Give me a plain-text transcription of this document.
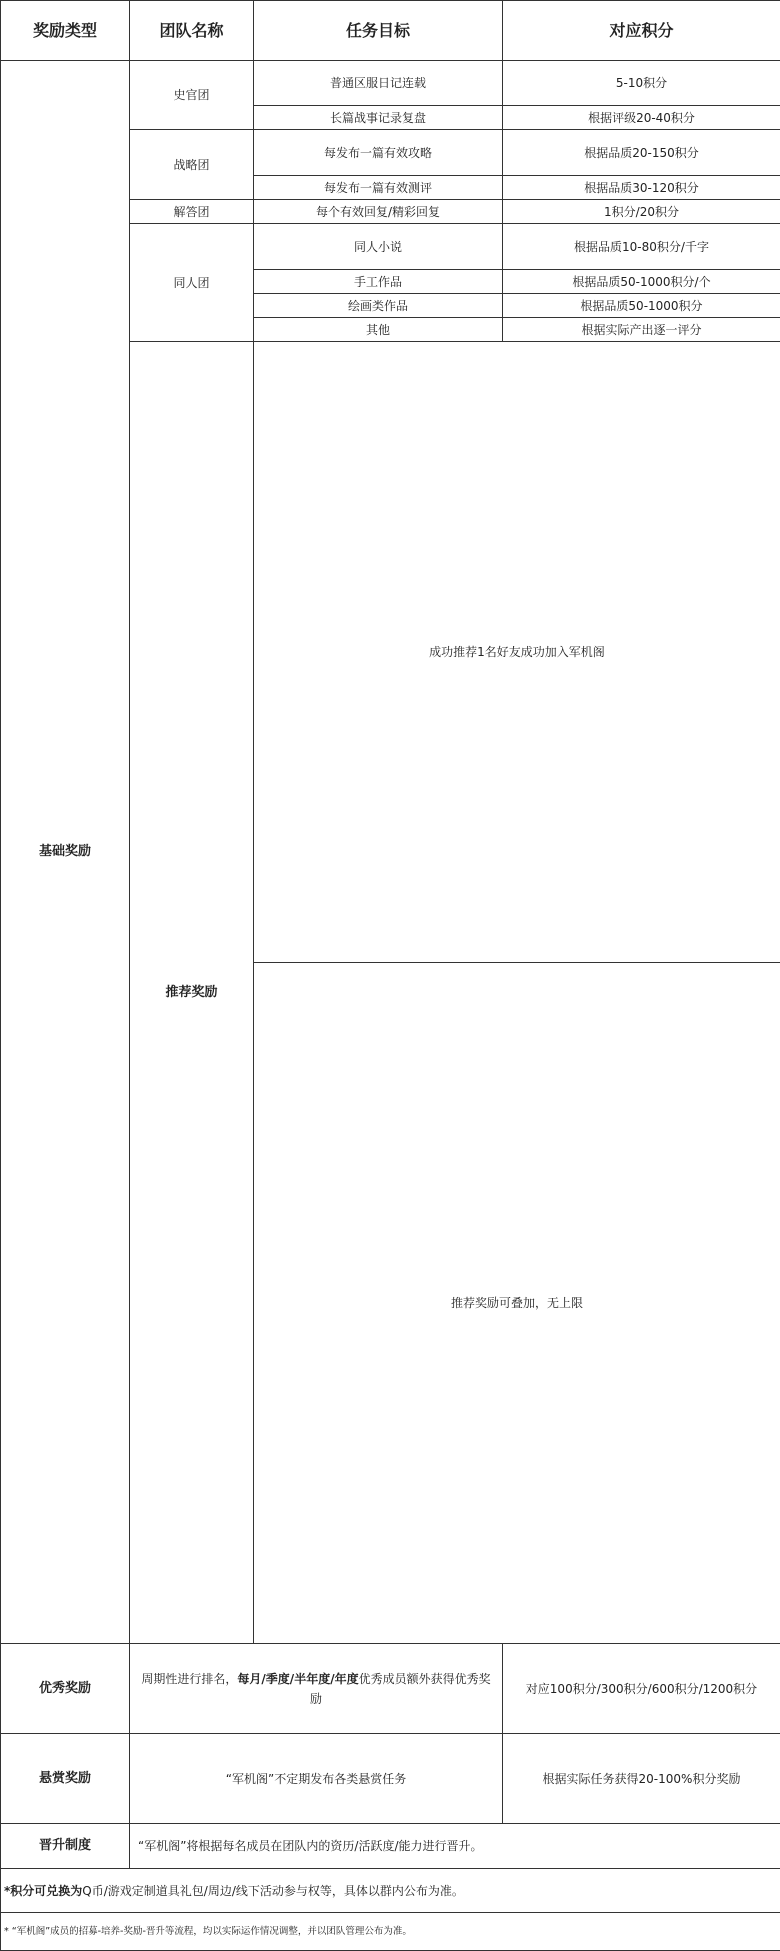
奖励类型	团队名称	任务目标	对应积分	
基础奖励	史官团	普通区服日记连载	5-10积分	
		长篇战事记录复盘	根据评级20-40积分	
	战略团	每发布一篇有效攻略	根据品质20-150积分	
		每发布一篇有效测评	根据品质30-120积分	
	解答团	每个有效回复/精彩回复	1积分/20积分	
	同人团	同人小说	根据品质10-80积分/千字	
		手工作品	根据品质50-1000积分/个	
		绘画类作品	根据品质50-1000积分	
		其他	根据实际产出逐一评分	
	推荐奖励	成功推荐1名好友成功加入军机阁	
		推荐奖励可叠加，无上限	
优秀奖励	周期性进行排名，每月/季度/半年度/年度优秀成员额外获得优秀奖励		对应100积分/300积分/600积分/1200积分	
悬赏奖励	“军机阁”不定期发布各类悬赏任务		根据实际任务获得20-100%积分奖励	
晋升制度	“军机阁”将根据每名成员在团队内的资历/活跃度/能力进行晋升。			
*积分可兑换为Q币/游戏定制道具礼包/周边/线下活动参与权等，具体以群内公布为准。				
* “军机阁”成员的招募-培养-奖励-晋升等流程，均以实际运作情况调整，并以团队管理公布为准。				
